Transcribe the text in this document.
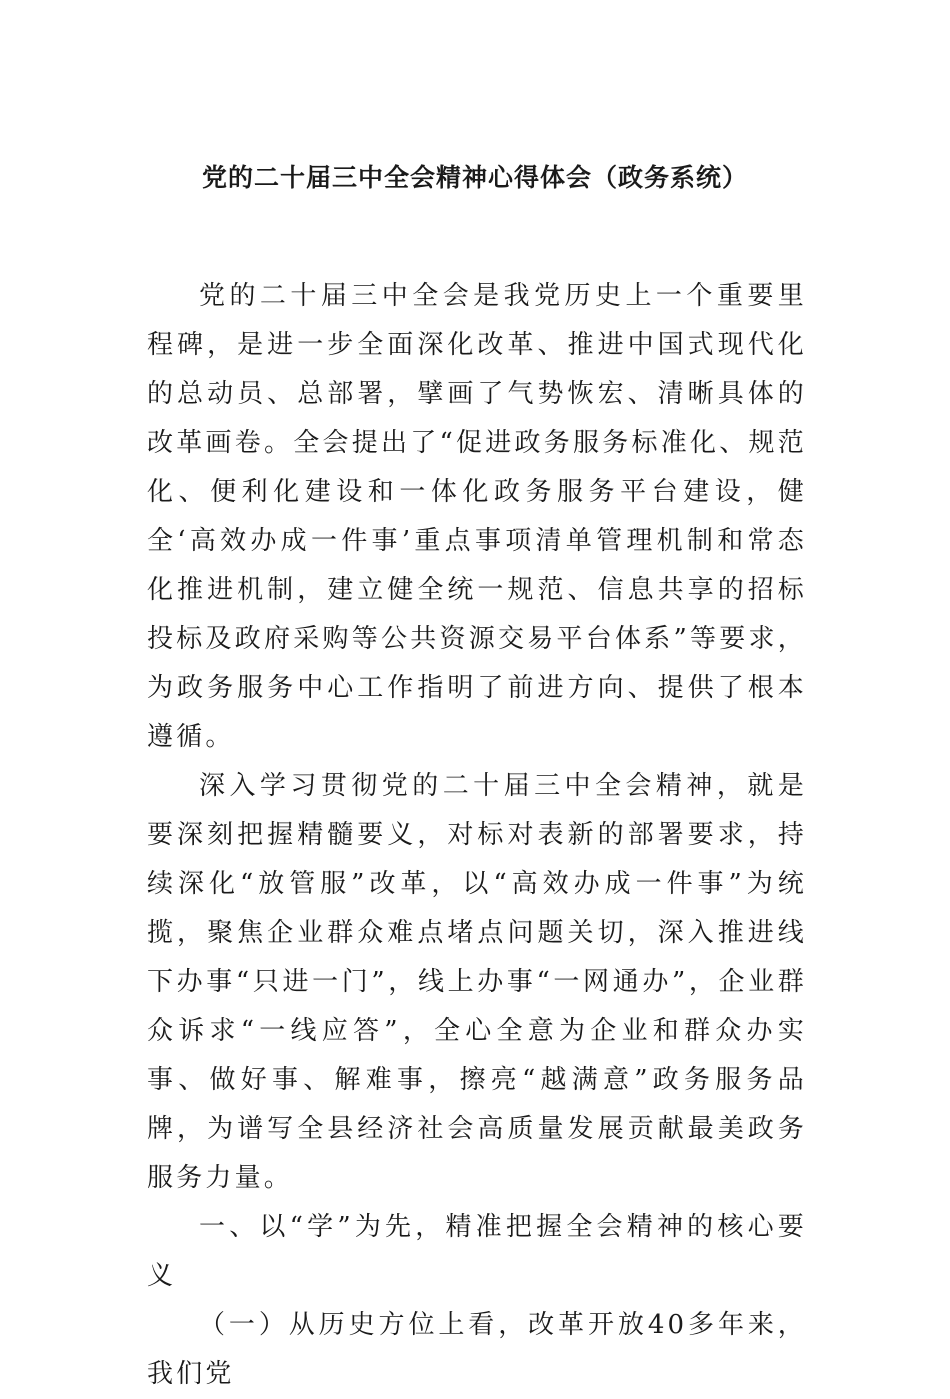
党的二十届三中全会精神心得体会（政务系统）

党的二十届三中全会是我党历史上一个重要里程碑，是进一步全面深化改革、推进中国式现代化的总动员、总部署，擘画了气势恢宏、清晰具体的改革画卷。全会提出了“促进政务服务标准化、规范化、便利化建设和一体化政务服务平台建设，健全‘高效办成一件事’重点事项清单管理机制和常态化推进机制，建立健全统一规范、信息共享的招标投标及政府采购等公共资源交易平台体系”等要求，为政务服务中心工作指明了前进方向、提供了根本遵循。

深入学习贯彻党的二十届三中全会精神，就是要深刻把握精髓要义，对标对表新的部署要求，持续深化“放管服”改革，以“高效办成一件事”为统揽，聚焦企业群众难点堵点问题关切，深入推进线下办事“只进一门”，线上办事“一网通办”，企业群众诉求“一线应答”，全心全意为企业和群众办实事、做好事、解难事，擦亮“越满意”政务服务品牌，为谱写全县经济社会高质量发展贡献最美政务服务力量。

一、以“学”为先，精准把握全会精神的核心要义

（一）从历史方位上看，改革开放40多年来，我们党
